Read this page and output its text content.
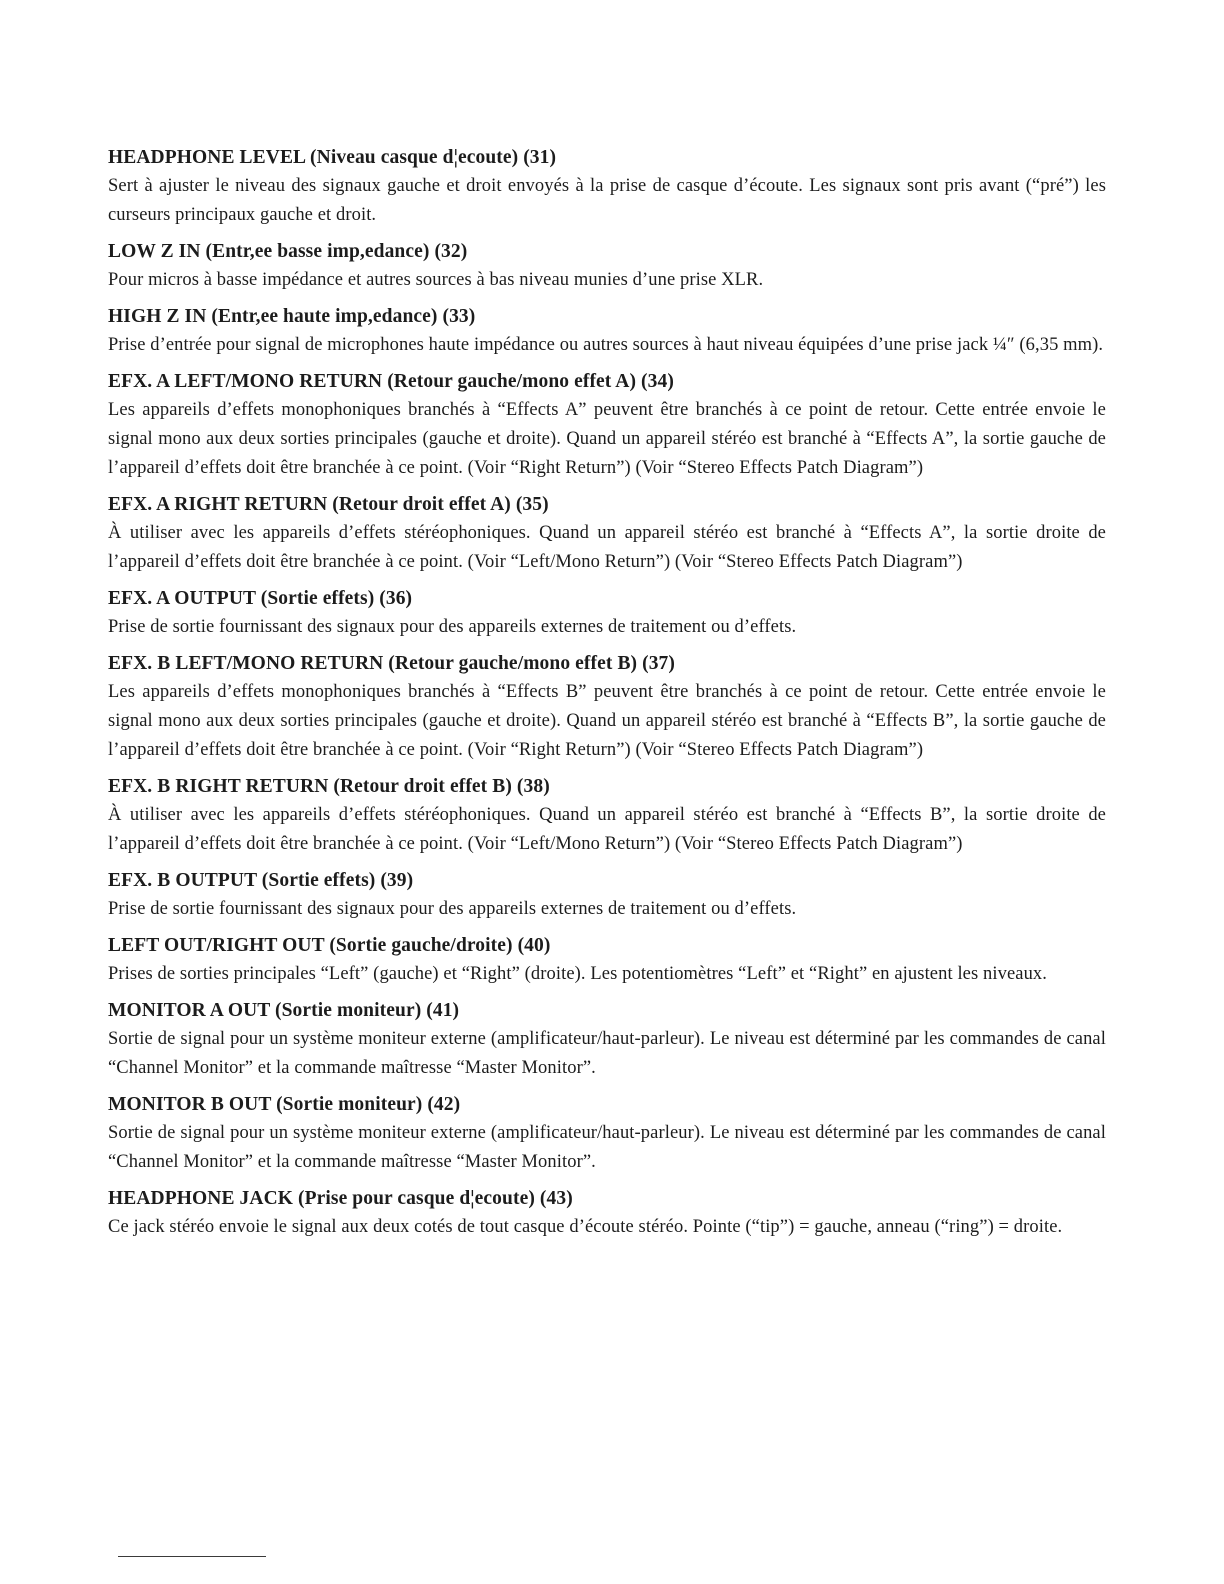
HEADPHONE LEVEL (Niveau casque d¦ecoute) (31)

Sert à ajuster le niveau des signaux gauche et droit envoyés à la prise de casque d’écoute. Les signaux sont pris avant (“pré”) les curseurs principaux gauche et droit.

LOW Z IN (Entr,ee basse imp,edance) (32)

Pour micros à basse impédance et autres sources à bas niveau munies d’une prise XLR.

HIGH Z IN (Entr,ee haute imp,edance) (33)

Prise d’entrée pour signal de microphones haute impédance ou autres sources à haut niveau équipées d’une prise jack ¼″ (6,35 mm).

EFX. A LEFT/MONO RETURN (Retour gauche/mono effet A) (34)

Les appareils d’effets monophoniques branchés à “Effects A” peuvent être branchés à ce point de retour. Cette entrée envoie le signal mono aux deux sorties principales (gauche et droite). Quand un appareil stéréo est branché à “Effects A”, la sortie gauche de l’appareil d’effets doit être branchée à ce point. (Voir “Right Return”) (Voir “Stereo Effects Patch Diagram”)

EFX. A RIGHT RETURN (Retour droit effet A) (35)

À utiliser avec les appareils d’effets stéréophoniques. Quand un appareil stéréo est branché à “Effects A”, la sortie droite de l’appareil d’effets doit être branchée à ce point. (Voir “Left/Mono Return”) (Voir “Stereo Effects Patch Diagram”)

EFX. A OUTPUT (Sortie effets) (36)

Prise de sortie fournissant des signaux pour des appareils externes de traitement ou d’effets.

EFX. B LEFT/MONO RETURN (Retour gauche/mono effet B) (37)

Les appareils d’effets monophoniques branchés à “Effects B” peuvent être branchés à ce point de retour. Cette entrée envoie le signal mono aux deux sorties principales (gauche et droite). Quand un appareil stéréo est branché à “Effects B”, la sortie gauche de l’appareil d’effets doit être branchée à ce point. (Voir “Right Return”) (Voir “Stereo Effects Patch Diagram”)

EFX. B RIGHT RETURN (Retour droit effet B) (38)

À utiliser avec les appareils d’effets stéréophoniques. Quand un appareil stéréo est branché à “Effects B”, la sortie droite de l’appareil d’effets doit être branchée à ce point. (Voir “Left/Mono Return”) (Voir “Stereo Effects Patch Diagram”)

EFX. B OUTPUT (Sortie effets) (39)

Prise de sortie fournissant des signaux pour des appareils externes de traitement ou d’effets.

LEFT OUT/RIGHT OUT (Sortie gauche/droite) (40)

Prises de sorties principales “Left” (gauche) et “Right” (droite). Les potentiomètres “Left” et “Right” en ajustent les niveaux.

MONITOR A OUT (Sortie moniteur) (41)

Sortie de signal pour un système moniteur externe (amplificateur/haut-parleur). Le niveau est déterminé par les commandes de canal “Channel Monitor” et la commande maîtresse “Master Monitor”.

MONITOR B OUT (Sortie moniteur) (42)

Sortie de signal pour un système moniteur externe (amplificateur/haut-parleur). Le niveau est déterminé par les commandes de canal “Channel Monitor” et la commande maîtresse “Master Monitor”.

HEADPHONE JACK (Prise pour casque d¦ecoute) (43)

Ce jack stéréo envoie le signal aux deux cotés de tout casque d’écoute stéréo. Pointe (“tip”) = gauche, anneau (“ring”) = droite.
